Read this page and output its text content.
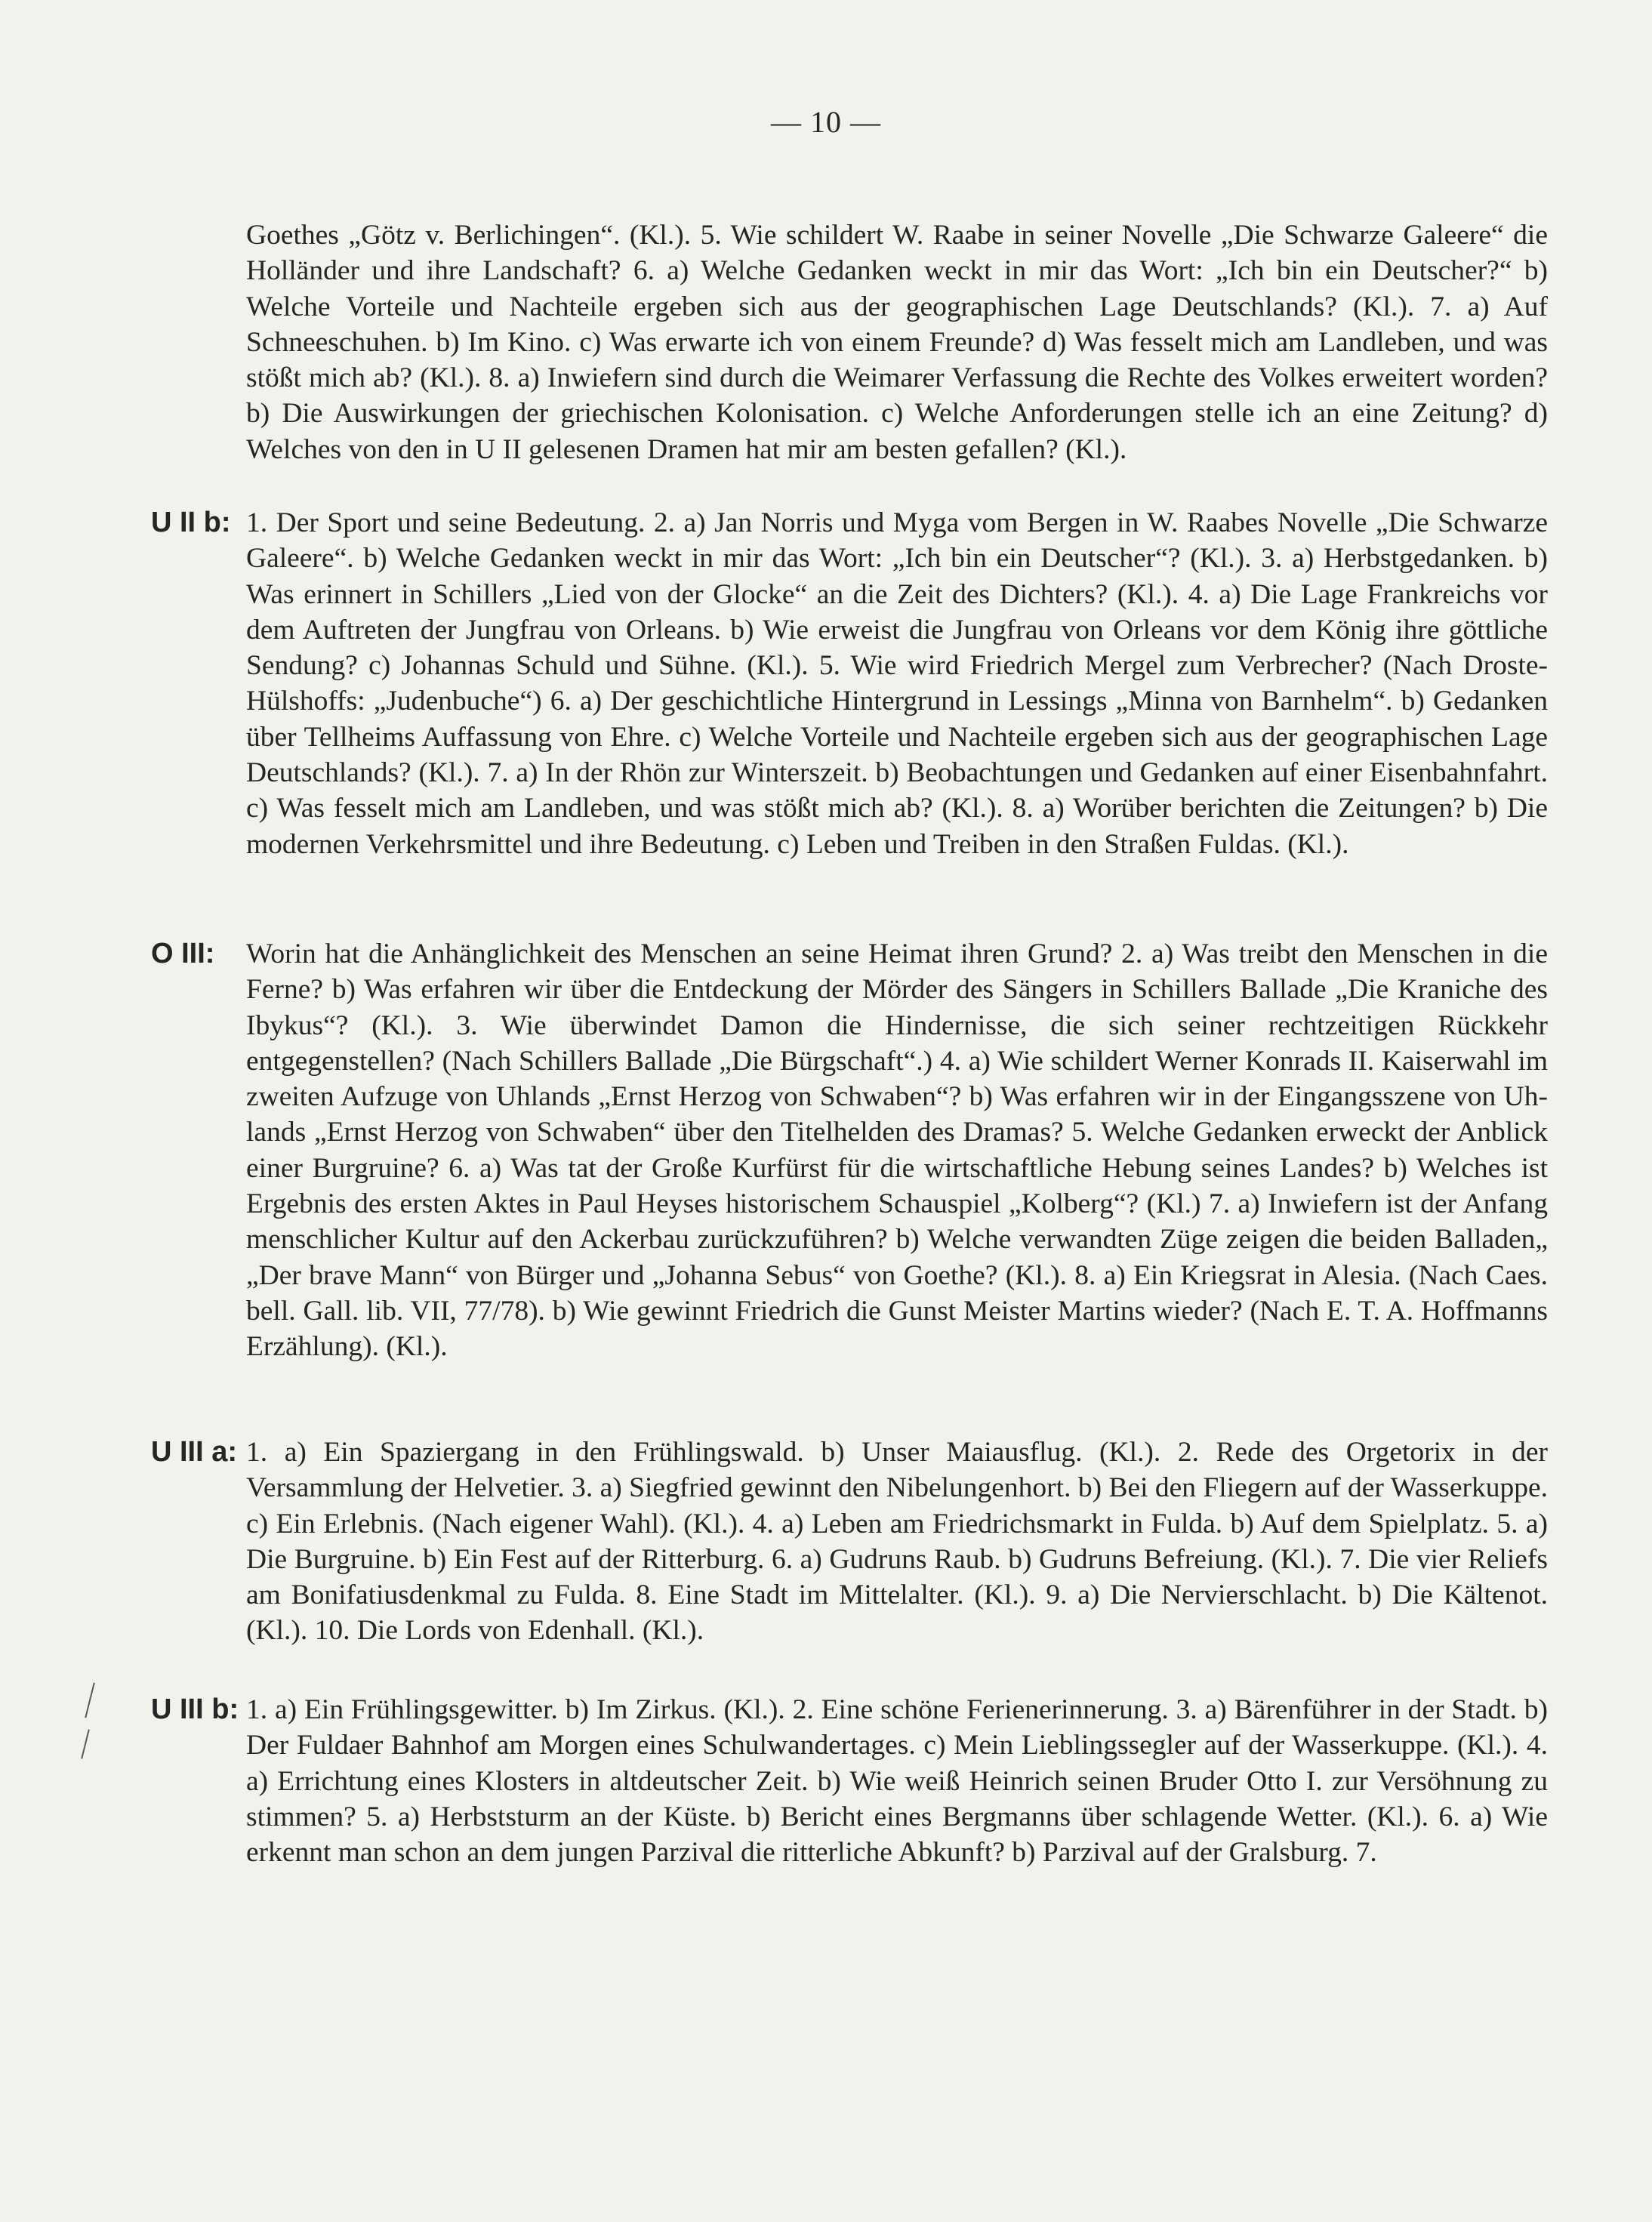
— 10 —
Goethes „Götz v. Berlichingen“. (Kl.). 5. Wie schildert W. Raabe in seiner Novelle „Die Schwarze Galeere“ die Holländer und ihre Landschaft? 6. a) Welche Gedanken weckt in mir das Wort: „Ich bin ein Deutscher?“ b) Welche Vorteile und Nachteile ergeben sich aus der geographischen Lage Deutschlands? (Kl.). 7. a) Auf Schneeschuhen. b) Im Kino. c) Was erwarte ich von einem Freunde? d) Was fesselt mich am Landleben, und was stößt mich ab? (Kl.). 8. a) Inwiefern sind durch die Weimarer Verfassung die Rechte des Volkes erweitert worden? b) Die Auswirkungen der griechischen Kolonisation. c) Welche Anforderungen stelle ich an eine Zeitung? d) Welches von den in U II gelesenen Dramen hat mir am besten gefallen? (Kl.).
U II b: 1. Der Sport und seine Bedeutung. 2. a) Jan Norris und Myga vom Bergen in W. Raabes Novelle „Die Schwarze Galeere“. b) Welche Gedanken weckt in mir das Wort: „Ich bin ein Deutscher“? (Kl.). 3. a) Herbstgedanken. b) Was erinnert in Schillers „Lied von der Glocke“ an die Zeit des Dichters? (Kl.). 4. a) Die Lage Frankreichs vor dem Auftreten der Jungfrau von Orleans. b) Wie erweist die Jungfrau von Orleans vor dem König ihre göttliche Sendung? c) Johannas Schuld und Sühne. (Kl.). 5. Wie wird Friedrich Mergel zum Verbrecher? (Nach Droste-Hülshoffs: „Judenbuche“) 6. a) Der geschichtliche Hintergrund in Lessings „Minna von Barnhelm“. b) Gedanken über Tellheims Auffassung von Ehre. c) Welche Vorteile und Nachteile ergeben sich aus der geographischen Lage Deutschlands? (Kl.). 7. a) In der Rhön zur Winterszeit. b) Beobachtungen und Gedanken auf einer Eisenbahnfahrt. c) Was fesselt mich am Landleben, und was stößt mich ab? (Kl.). 8. a) Worüber berichten die Zeitungen? b) Die modernen Verkehrsmittel und ihre Bedeutung. c) Leben und Treiben in den Straßen Fuldas. (Kl.).
O III:	Worin hat die Anhänglichkeit des Menschen an seine Heimat ihren Grund? 2. a) Was treibt den Menschen in die Ferne? b) Was erfahren wir über die Entdeckung der Mörder des Sängers in Schillers Ballade „Die Kraniche des Ibykus“? (Kl.). 3. Wie überwindet Damon die Hindernisse, die sich seiner rechtzeitigen Rückkehr entgegenstellen? (Nach Schillers Ballade „Die Bürgschaft“.) 4. a) Wie schildert Werner Konrads II. Kaiserwahl im zweiten Aufzuge von Uhlands „Ernst Herzog von Schwaben“? b) Was erfahren wir in der Eingangsszene von Uhlands „Ernst Herzog von Schwaben“ über den Titelhelden des Dramas? 5. Welche Gedanken erweckt der Anblick einer Burgruine? 6. a) Was tat der Große Kurfürst für die wirtschaftliche Hebung seines Landes? b) Welches ist Ergebnis des ersten Aktes in Paul Heyses historischem Schauspiel „Kolberg“? (Kl.) 7. a) Inwiefern ist der Anfang menschlicher Kultur auf den Ackerbau zurückzuführen? b) Welche verwandten Züge zeigen die beiden Balladen„ „Der brave Mann“ von Bürger und „Johanna Sebus“ von Goethe? (Kl.). 8. a) Ein Kriegsrat in Alesia. (Nach Caes. bell. Gall. lib. VII, 77/78). b) Wie gewinnt Friedrich die Gunst Meister Martins wieder? (Nach E. T. A. Hoffmanns Erzählung). (Kl.).
U III a: 1. a) Ein Spaziergang in den Frühlingswald. b) Unser Maiausflug. (Kl.). 2. Rede des Orgetorix in der Versammlung der Helvetier. 3. a) Siegfried gewinnt den Nibelungenhort. b) Bei den Fliegern auf der Wasserkuppe. c) Ein Erlebnis. (Nach eigener Wahl). (Kl.). 4. a) Leben am Friedrichsmarkt in Fulda. b) Auf dem Spielplatz. 5. a) Die Burgruine. b) Ein Fest auf der Ritterburg. 6. a) Gudruns Raub. b) Gudruns Befreiung. (Kl.). 7. Die vier Reliefs am Bonifatiusdenkmal zu Fulda. 8. Eine Stadt im Mittelalter. (Kl.). 9. a) Die Nervierschlacht. b) Die Kältenot. (Kl.). 10. Die Lords von Edenhall. (Kl.).
U III b: 1. a) Ein Frühlingsgewitter. b) Im Zirkus. (Kl.). 2. Eine schöne Ferienerinnerung. 3. a) Bärenführer in der Stadt. b) Der Fuldaer Bahnhof am Morgen eines Schulwandertages. c) Mein Lieblingssegler auf der Wasserkuppe. (Kl.). 4. a) Errichtung eines Klosters in altdeutscher Zeit. b) Wie weiß Heinrich seinen Bruder Otto I. zur Versöhnung zu stimmen? 5. a) Herbststurm an der Küste. b) Bericht eines Bergmanns über schlagende Wetter. (Kl.). 6. a) Wie erkennt man schon an dem jungen Parzival die ritterliche Abkunft? b) Parzival auf der Gralsburg. 7.
